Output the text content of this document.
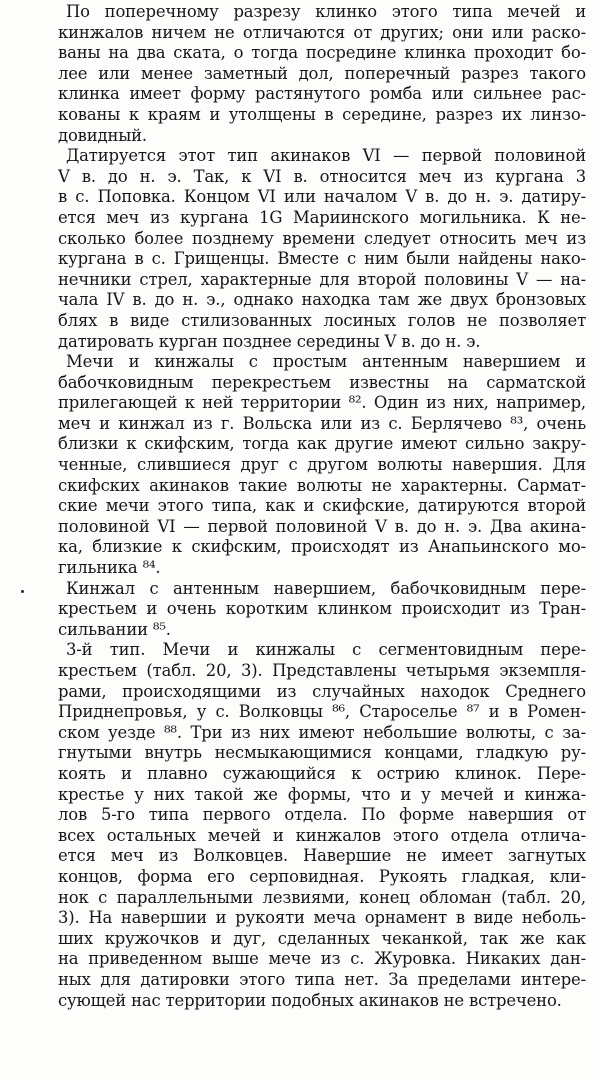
По поперечному разрезу клинко этого типа мечей и
кинжалов ничем не отличаются от других; они или раско-
ваны на два ската, о тогда посредине клинка проходит бо-
лее или менее заметный дол, поперечный разрез такого
клинка имеет форму растянутого ромба или сильнее рас-
кованы к краям и утолщены в середине, разрез их линзо-
довидный.
Датируется этот тип акинаков VI — первой половиной
V в. до н. э. Так, к VI в. относится меч из кургана 3
в с. Поповка. Концом VI или началом V в. до н. э. датиру-
ется меч из кургана 1G Мариинского могильника. К не-
сколько более позднему времени следует относить меч из
кургана в с. Грищенцы. Вместе с ним были найдены нако-
нечники стрел, характерные для второй половины V — на-
чала IV в. до н. э., однако находка там же двух бронзовых
блях в виде стилизованных лосиных голов не позволяет
датировать курган позднее середины V в. до н. э.
Мечи и кинжалы с простым антенным навершием и
бабочковидным перекрестьем известны на сарматской
прилегающей к ней территории ⁸². Один из них, например,
меч и кинжал из г. Вольска или из с. Берлячево ⁸³, очень
близки к скифским, тогда как другие имеют сильно закру-
ченные, слившиеся друг с другом волюты навершия. Для
скифских акинаков такие волюты не характерны. Сармат-
ские мечи этого типа, как и скифские, датируются второй
половиной VI — первой половиной V в. до н. э. Два акина-
ка, близкие к скифским, происходят из Анапьинского мо-
гильника ⁸⁴.
Кинжал с антенным навершием, бабочковидным пере-
крестьем и очень коротким клинком происходит из Тран-
сильвании ⁸⁵.
3-й тип. Мечи и кинжалы с сегментовидным пере-
крестьем (табл. 20, 3). Представлены четырьмя экземпля-
рами, происходящими из случайных находок Среднего
Приднепровья, у с. Волковцы ⁸⁶, Староселье ⁸⁷ и в Ромен-
ском уезде ⁸⁸. Три из них имеют небольшие волюты, с за-
гнутыми внутрь несмыкающимися концами, гладкую ру-
коять и плавно сужающийся к острию клинок. Пере-
крестье у них такой же формы, что и у мечей и кинжа-
лов 5-го типа первого отдела. По форме навершия от
всех остальных мечей и кинжалов этого отдела отлича-
ется меч из Волковцев. Навершие не имеет загнутых
концов, форма его серповидная. Рукоять гладкая, кли-
нок с параллельными лезвиями, конец обломан (табл. 20,
3). На навершии и рукояти меча орнамент в виде неболь-
ших кружочков и дуг, сделанных чеканкой, так же как
на приведенном выше мече из с. Журовка. Никаких дан-
ных для датировки этого типа нет. За пределами интере-
сующей нас территории подобных акинаков не встречено.
